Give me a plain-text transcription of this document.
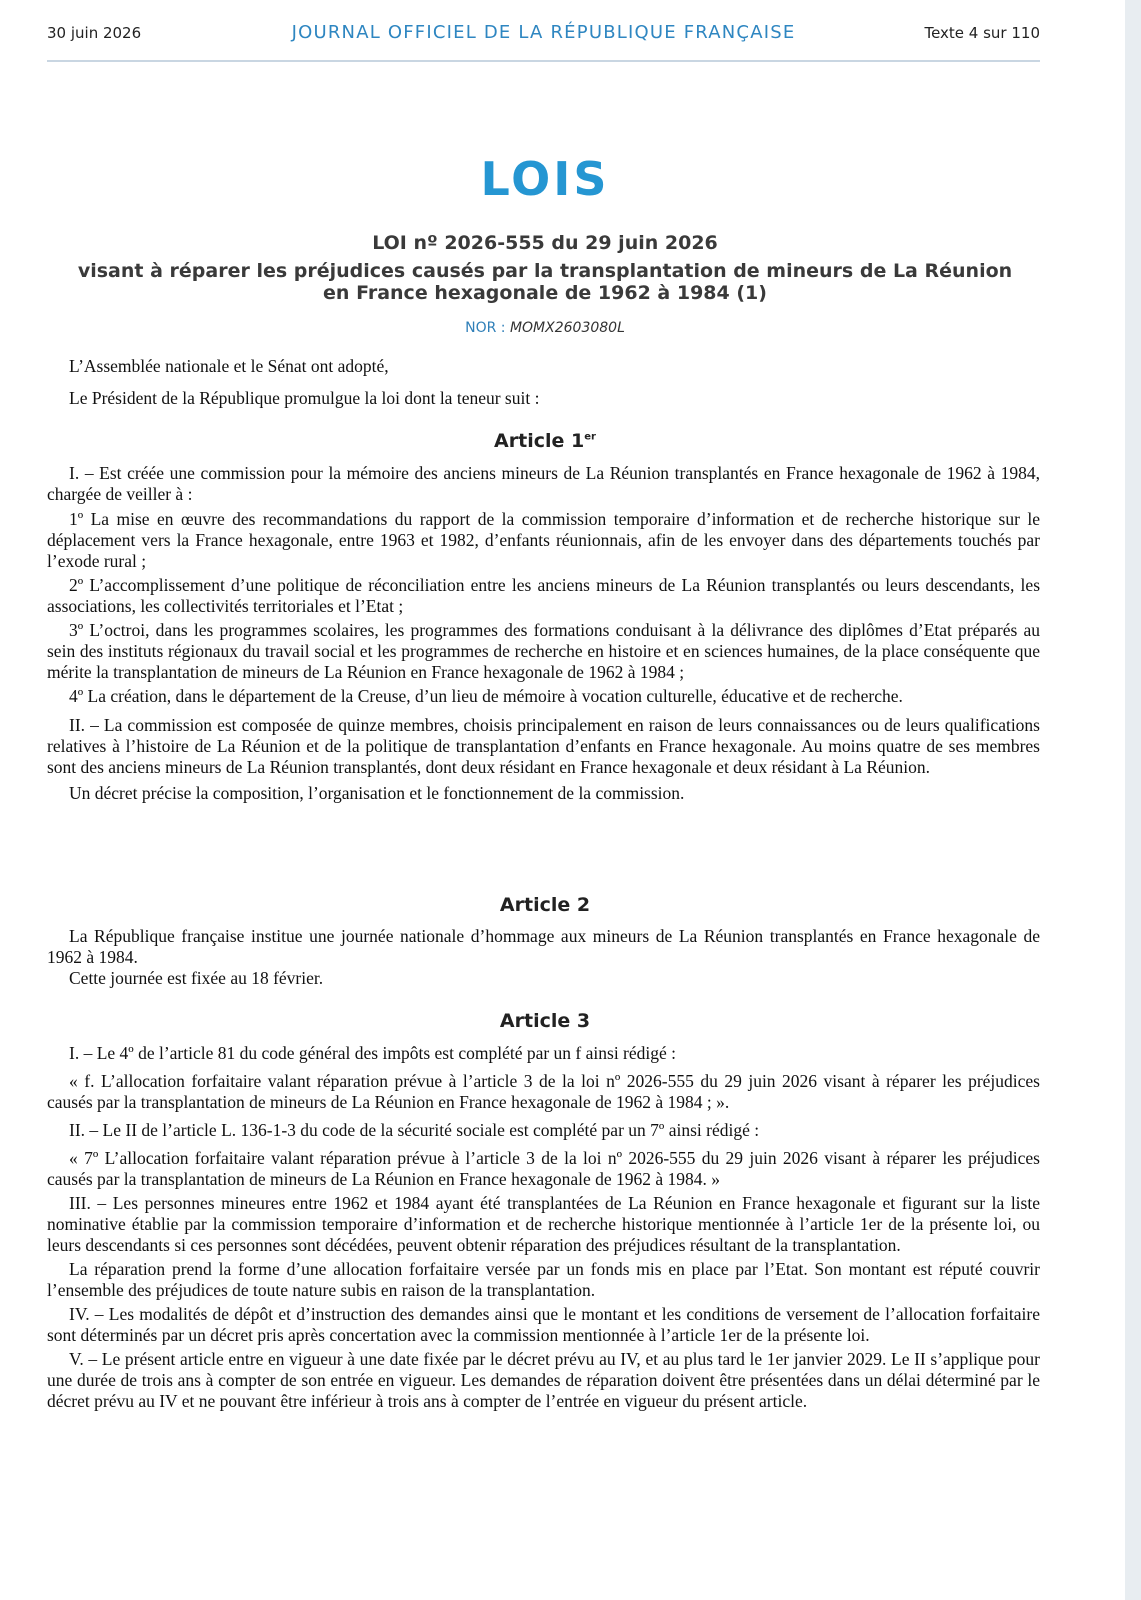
30 juin 2026	JOURNAL OFFICIEL DE LA RÉPUBLIQUE FRANÇAISE	Texte 4 sur 110
LOIS
LOI nº 2026-555 du 29 juin 2026
visant à réparer les préjudices causés par la transplantation de mineurs de La Réunion
en France hexagonale de 1962 à 1984 (1)
NOR : MOMX2603080L

L’Assemblée nationale et le Sénat ont adopté,

Le Président de la République promulgue la loi dont la teneur suit :

Article 1er

I. – Est créée une commission pour la mémoire des anciens mineurs de La Réunion transplantés en France hexagonale de 1962 à 1984, chargée de veiller à :

1º La mise en œuvre des recommandations du rapport de la commission temporaire d’information et de recherche historique sur le déplacement vers la France hexagonale, entre 1963 et 1982, d’enfants réunionnais, afin de les envoyer dans des départements touchés par l’exode rural ;

2º L’accomplissement d’une politique de réconciliation entre les anciens mineurs de La Réunion transplantés ou leurs descendants, les associations, les collectivités territoriales et l’Etat ;

3º L’octroi, dans les programmes scolaires, les programmes des formations conduisant à la délivrance des diplômes d’Etat préparés au sein des instituts régionaux du travail social et les programmes de recherche en histoire et en sciences humaines, de la place conséquente que mérite la transplantation de mineurs de La Réunion en France hexagonale de 1962 à 1984 ;

4º La création, dans le département de la Creuse, d’un lieu de mémoire à vocation culturelle, éducative et de recherche.

II. – La commission est composée de quinze membres, choisis principalement en raison de leurs connaissances ou de leurs qualifications relatives à l’histoire de La Réunion et de la politique de transplantation d’enfants en France hexagonale. Au moins quatre de ses membres sont des anciens mineurs de La Réunion transplantés, dont deux résidant en France hexagonale et deux résidant à La Réunion.

Un décret précise la composition, l’organisation et le fonctionnement de la commission.

Article 2

La République française institue une journée nationale d’hommage aux mineurs de La Réunion transplantés en France hexagonale de 1962 à 1984.

Cette journée est fixée au 18 février.

Article 3

I. – Le 4º de l’article 81 du code général des impôts est complété par un f ainsi rédigé :

« f. L’allocation forfaitaire valant réparation prévue à l’article 3 de la loi nº 2026-555 du 29 juin 2026 visant à réparer les préjudices causés par la transplantation de mineurs de La Réunion en France hexagonale de 1962 à 1984 ; ».

II. – Le II de l’article L. 136-1-3 du code de la sécurité sociale est complété par un 7º ainsi rédigé :

« 7º L’allocation forfaitaire valant réparation prévue à l’article 3 de la loi nº 2026-555 du 29 juin 2026 visant à réparer les préjudices causés par la transplantation de mineurs de La Réunion en France hexagonale de 1962 à 1984. »

III. – Les personnes mineures entre 1962 et 1984 ayant été transplantées de La Réunion en France hexagonale et figurant sur la liste nominative établie par la commission temporaire d’information et de recherche historique mentionnée à l’article 1er de la présente loi, ou leurs descendants si ces personnes sont décédées, peuvent obtenir réparation des préjudices résultant de la transplantation.

La réparation prend la forme d’une allocation forfaitaire versée par un fonds mis en place par l’Etat. Son montant est réputé couvrir l’ensemble des préjudices de toute nature subis en raison de la transplantation.

IV. – Les modalités de dépôt et d’instruction des demandes ainsi que le montant et les conditions de versement de l’allocation forfaitaire sont déterminés par un décret pris après concertation avec la commission mentionnée à l’article 1er de la présente loi.

V. – Le présent article entre en vigueur à une date fixée par le décret prévu au IV, et au plus tard le 1er janvier 2029. Le II s’applique pour une durée de trois ans à compter de son entrée en vigueur. Les demandes de réparation doivent être présentées dans un délai déterminé par le décret prévu au IV et ne pouvant être inférieur à trois ans à compter de l’entrée en vigueur du présent article.
